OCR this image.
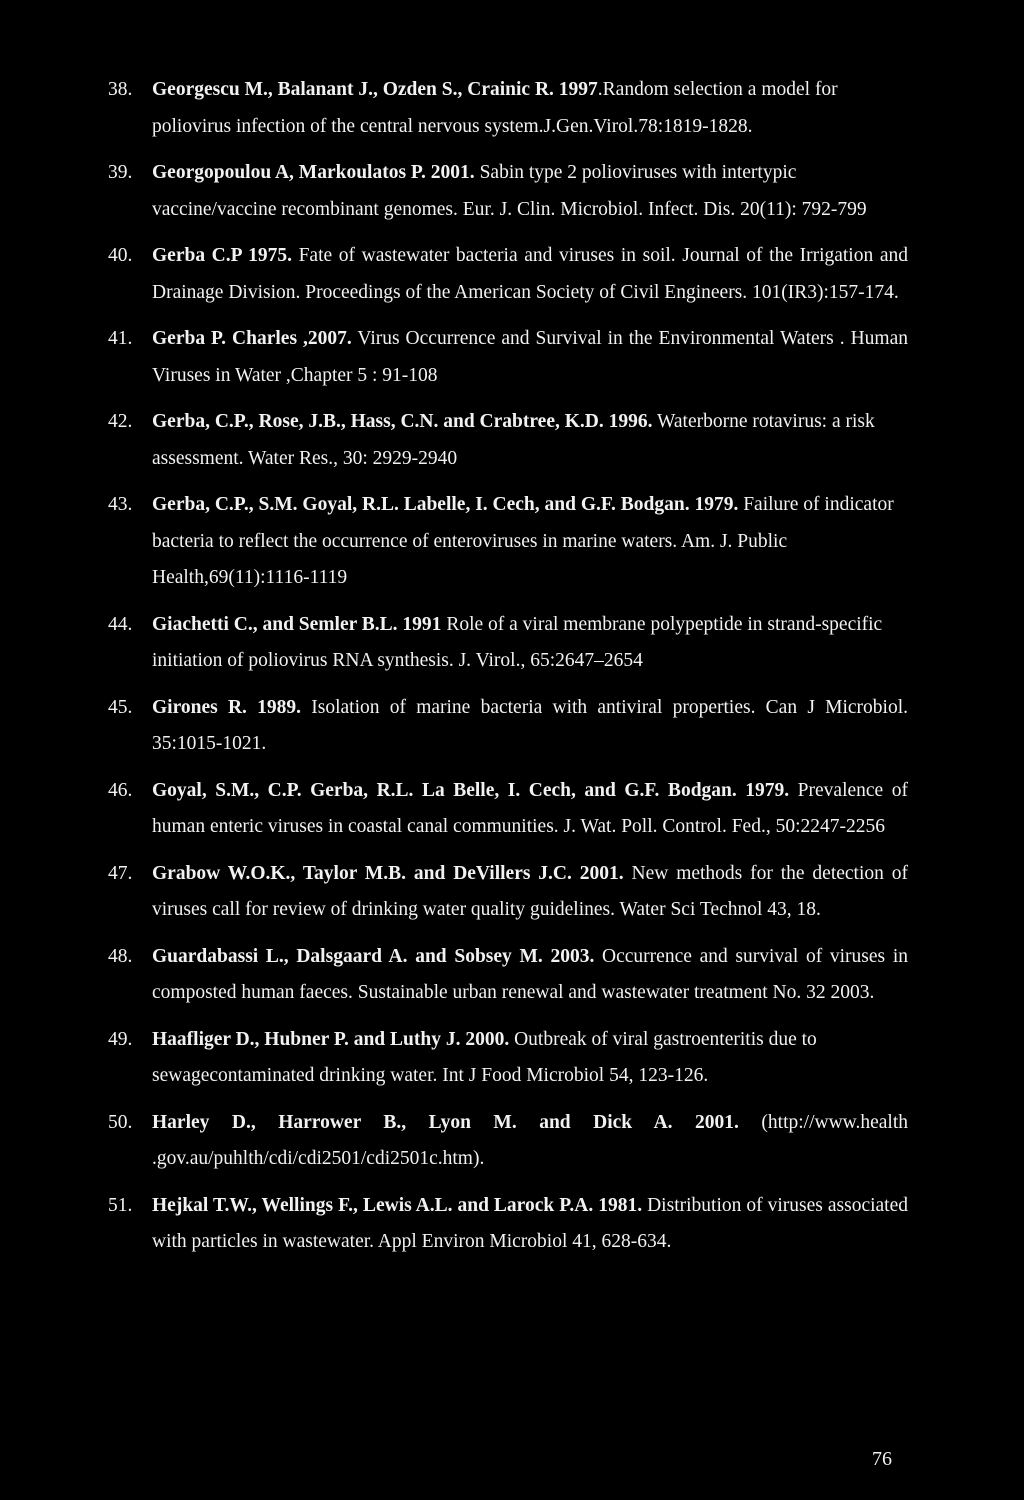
38. Georgescu M., Balanant J., Ozden S., Crainic R. 1997.Random selection a model for poliovirus infection of the central nervous system.J.Gen.Virol.78:1819-1828.
39. Georgopoulou A, Markoulatos P. 2001. Sabin type 2 polioviruses with intertypic vaccine/vaccine recombinant genomes. Eur. J. Clin. Microbiol. Infect. Dis. 20(11): 792-799
40. Gerba C.P 1975. Fate of wastewater bacteria and viruses in soil. Journal of the Irrigation and Drainage Division. Proceedings of the American Society of Civil Engineers. 101(IR3):157-174.
41. Gerba P. Charles ,2007. Virus Occurrence and Survival in the Environmental Waters . Human Viruses in Water ,Chapter 5 : 91-108
42. Gerba, C.P., Rose, J.B., Hass, C.N. and Crabtree, K.D. 1996. Waterborne rotavirus: a risk assessment. Water Res., 30: 2929-2940
43. Gerba, C.P., S.M. Goyal, R.L. Labelle, I. Cech, and G.F. Bodgan. 1979. Failure of indicator bacteria to reflect the occurrence of enteroviruses in marine waters. Am. J. Public Health,69(11):1116-1119
44. Giachetti C., and Semler B.L. 1991 Role of a viral membrane polypeptide in strand-specific initiation of poliovirus RNA synthesis. J. Virol., 65:2647–2654
45. Girones R. 1989. Isolation of marine bacteria with antiviral properties. Can J Microbiol. 35:1015-1021.
46. Goyal, S.M., C.P. Gerba, R.L. La Belle, I. Cech, and G.F. Bodgan. 1979. Prevalence of human enteric viruses in coastal canal communities. J. Wat. Poll. Control. Fed., 50:2247-2256
47. Grabow W.O.K., Taylor M.B. and DeVillers J.C. 2001. New methods for the detection of viruses call for review of drinking water quality guidelines. Water Sci Technol 43, 18.
48. Guardabassi L., Dalsgaard A. and Sobsey M. 2003. Occurrence and survival of viruses in composted human faeces. Sustainable urban renewal and wastewater treatment No. 32 2003.
49. Haafliger D., Hubner P. and Luthy J. 2000. Outbreak of viral gastroenteritis due to sewagecontaminated drinking water. Int J Food Microbiol 54, 123-126.
50. Harley D., Harrower B., Lyon M. and Dick A. 2001. (http://www.health .gov.au/puhlth/cdi/cdi2501/cdi2501c.htm).
51. Hejkal T.W., Wellings F., Lewis A.L. and Larock P.A. 1981. Distribution of viruses associated with particles in wastewater. Appl Environ Microbiol 41, 628-634.
76
